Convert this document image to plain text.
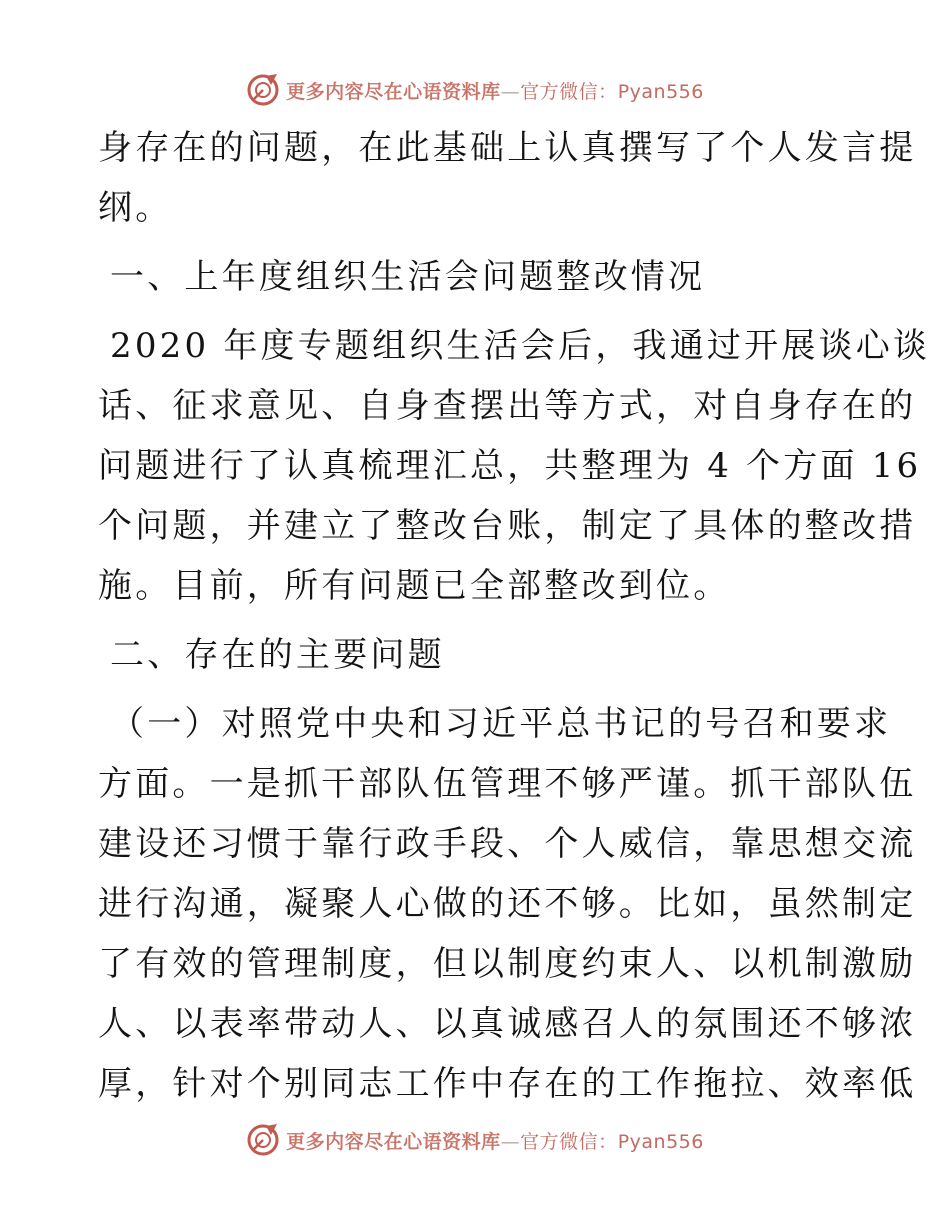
更多内容尽在心语资料库—官方微信：Pyan556
身存在的问题，在此基础上认真撰写了个人发言提
纲。
一、上年度组织生活会问题整改情况
2020 年度专题组织生活会后，我通过开展谈心谈
话、征求意见、自身查摆出等方式，对自身存在的
问题进行了认真梳理汇总，共整理为 4 个方面 16
个问题，并建立了整改台账，制定了具体的整改措
施。目前，所有问题已全部整改到位。
二、存在的主要问题
（一）对照党中央和习近平总书记的号召和要求
方面。一是抓干部队伍管理不够严谨。抓干部队伍
建设还习惯于靠行政手段、个人威信，靠思想交流
进行沟通，凝聚人心做的还不够。比如，虽然制定
了有效的管理制度，但以制度约束人、以机制激励
人、以表率带动人、以真诚感召人的氛围还不够浓
厚，针对个别同志工作中存在的工作拖拉、效率低
更多内容尽在心语资料库—官方微信：Pyan556
